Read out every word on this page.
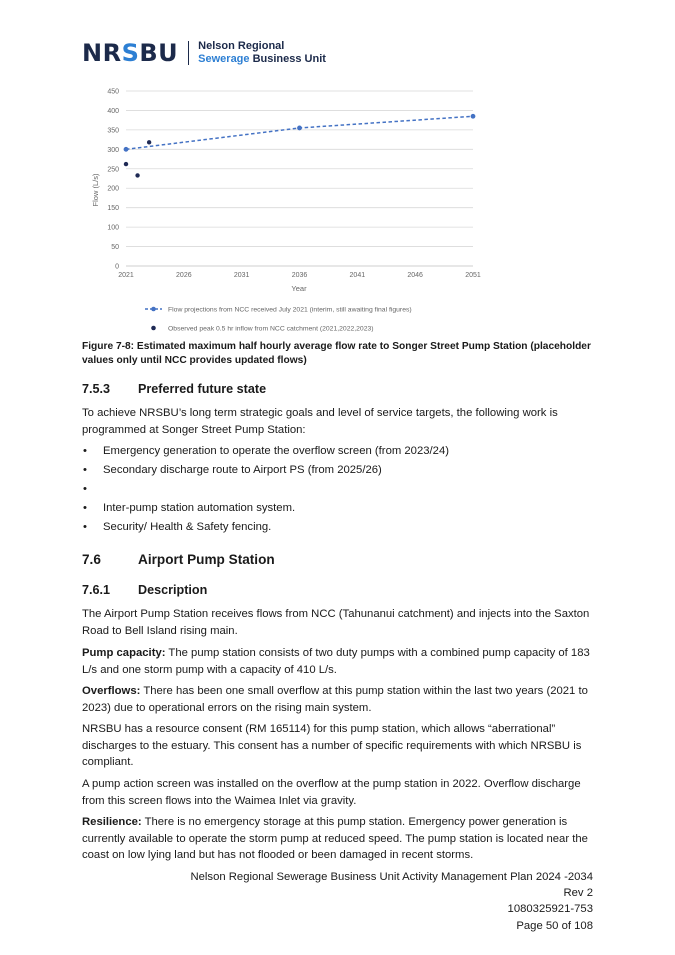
NRSBU Nelson Regional
Sewerage Business Unit
0
50
100
150
200
250
300
350
400
450
2021	2026	2031	2036	2041	2046	2051
Flow (L/s)
Year
Flow projections from NCC received July 2021 (interim, still awaiting final figures)
Observed peak 0.5 hr inflow from NCC catchment (2021,2022,2023)
Figure 7-8: Estimated maximum half hourly average flow rate to Songer Street Pump Station (placeholder values only until NCC provides updated flows)
7.5.3 Preferred future state
To achieve NRSBU’s long term strategic goals and level of service targets, the following work is programmed at Songer Street Pump Station:
• Emergency generation to operate the overflow screen (from 2023/24)
• Secondary discharge route to Airport PS (from 2025/26)
•
• Inter-pump station automation system.
• Security/ Health & Safety fencing.
7.6	Airport Pump Station
7.6.1 Description
The Airport Pump Station receives flows from NCC (Tahunanui catchment) and injects into the Saxton Road to Bell Island rising main.
Pump capacity: The pump station consists of two duty pumps with a combined pump capacity of 183 L/s and one storm pump with a capacity of 410 L/s.
Overflows: There has been one small overflow at this pump station within the last two years (2021 to 2023) due to operational errors on the rising main system.
NRSBU has a resource consent (RM 165114) for this pump station, which allows “aberrational” discharges to the estuary. This consent has a number of specific requirements with which NRSBU is compliant.
A pump action screen was installed on the overflow at the pump station in 2022. Overflow discharge from this screen flows into the Waimea Inlet via gravity.
Resilience: There is no emergency storage at this pump station. Emergency power generation is currently available to operate the storm pump at reduced speed. The pump station is located near the coast on low lying land but has not flooded or been damaged in recent storms.
Nelson Regional Sewerage Business Unit Activity Management Plan 2024 -2034
Rev 2
1080325921-753
Page 50 of 108
